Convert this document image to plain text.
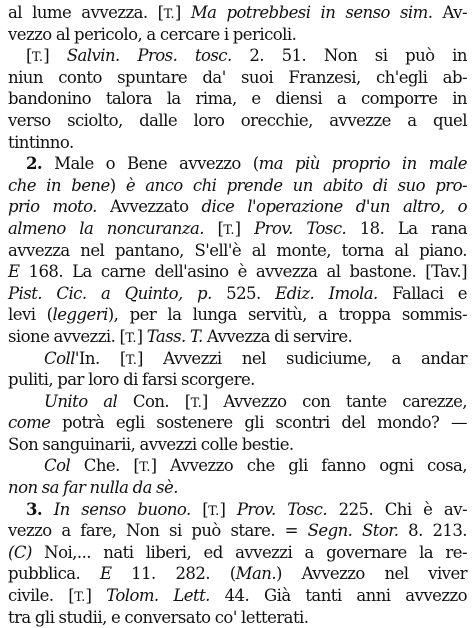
al lume avvezza. [T.] Ma potrebbesi in senso sim. Av-
vezzo al pericolo, a cercare i pericoli.
[T.] Salvin. Pros. tosc. 2. 51. Non si può in
niun conto spuntare da' suoi Franzesi, ch'egli ab-
bandonino talora la rima, e diensi a comporre in
verso sciolto, dalle loro orecchie, avvezze a quel
tintinno.
2. Male o Bene avvezzo (ma più proprio in male
che in bene) è anco chi prende un abito di suo pro-
prio moto. Avvezzato dice l'operazione d'un altro, o
almeno la noncuranza. [T.] Prov. Tosc. 18. La rana
avvezza nel pantano, S'ell'è al monte, torna al piano.
E 168. La carne dell'asino è avvezza al bastone. [Tav.]
Pist. Cic. a Quinto, p. 525. Ediz. Imola. Fallaci e
levi (leggeri), per la lunga servitù, a troppa sommis-
sione avvezzi. [T.] Tass. T. Avvezza di servire.
Coll'In. [T.] Avvezzi nel sudiciume, a andar
puliti, par loro di farsi scorgere.
Unito al Con. [T.] Avvezzo con tante carezze,
come potrà egli sostenere gli scontri del mondo? —
Son sanguinarii, avvezzi colle bestie.
Col Che. [T.] Avvezzo che gli fanno ogni cosa,
non sa far nulla da sè.
3. In senso buono. [T.] Prov. Tosc. 225. Chi è av-
vezzo a fare, Non si può stare. = Segn. Stor. 8. 213.
(C) Noi,... nati liberi, ed avvezzi a governare la re-
pubblica. E 11. 282. (Man.) Avvezzo nel viver
civile. [T.] Tolom. Lett. 44. Già tanti anni avvezzo
tra gli studii, e conversato co' letterati.
